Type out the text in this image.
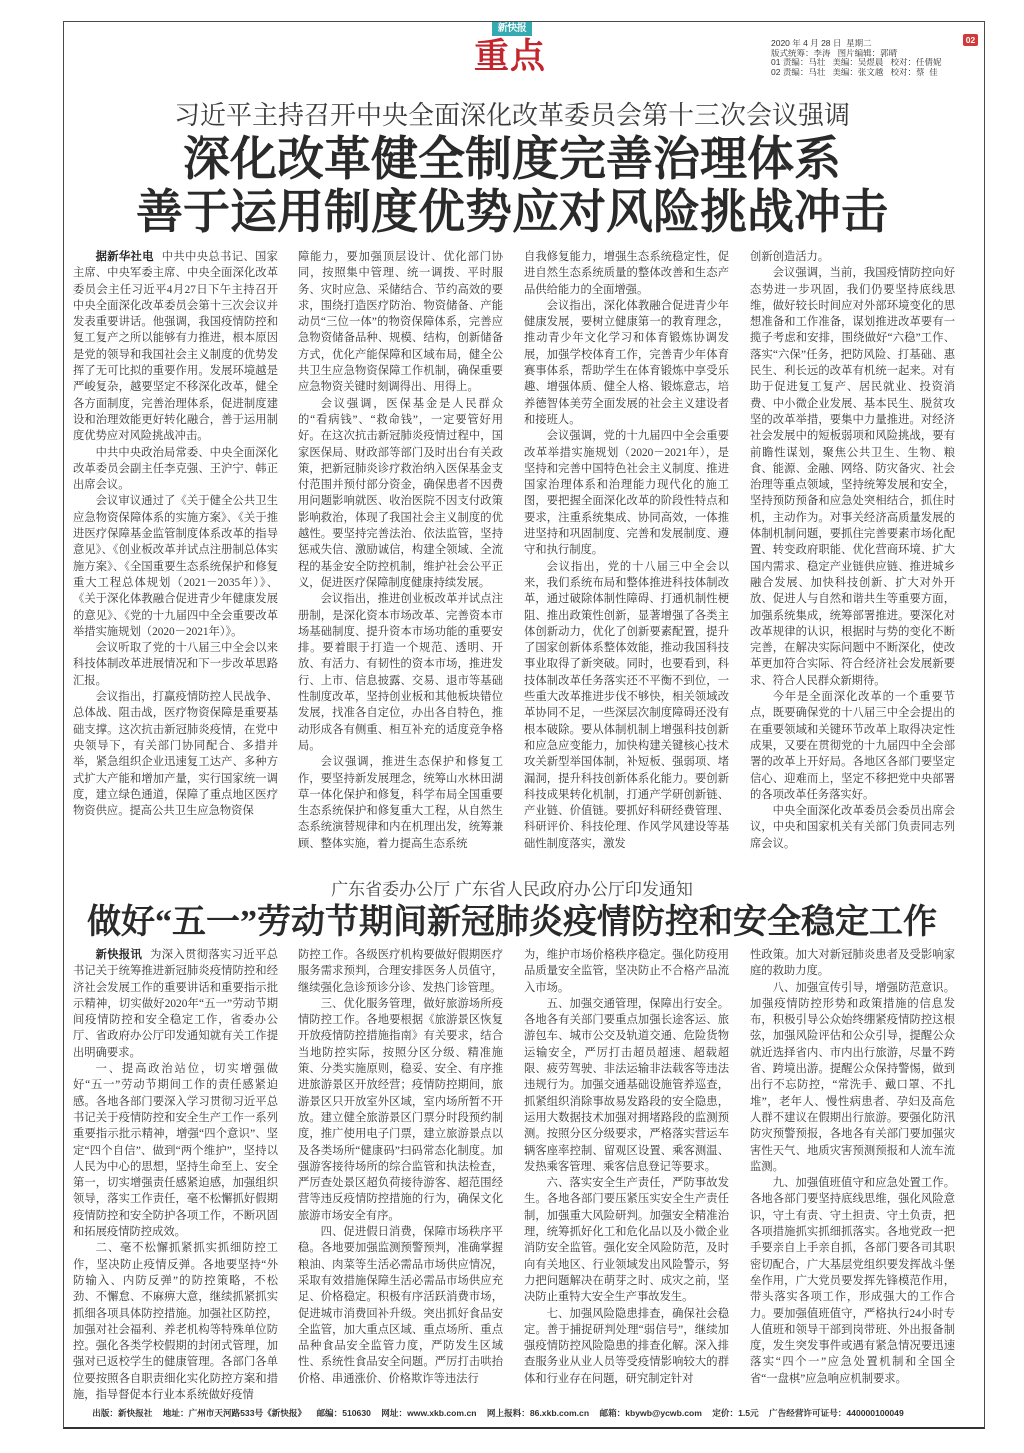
新快报
重点	2020 年 4 月 28 日  星期二
版式统筹：李涛   图片编辑：郭晴
01 责编：马壮   美编：吴煜晨   校对：任倩妮
02 责编：马壮   美编：张文越   校对：蔡  佳
02
习近平主持召开中央全面深化改革委员会第十三次会议强调
深化改革健全制度完善治理体系
善于运用制度优势应对风险挑战冲击

据新华社电 中共中央总书记、国家主席、中央军委主席、中央全面深化改革委员会主任习近平4月27日下午主持召开中央全面深化改革委员会第十三次会议并发表重要讲话。他强调，我国疫情防控和复工复产之所以能够有力推进，根本原因是党的领导和我国社会主义制度的优势发挥了无可比拟的重要作用。发展环境越是严峻复杂，越要坚定不移深化改革，健全各方面制度，完善治理体系，促进制度建设和治理效能更好转化融合，善于运用制度优势应对风险挑战冲击。

中共中央政治局常委、中央全面深化改革委员会副主任李克强、王沪宁、韩正出席会议。

会议审议通过了《关于健全公共卫生应急物资保障体系的实施方案》、《关于推进医疗保障基金监管制度体系改革的指导意见》、《创业板改革并试点注册制总体实施方案》、《全国重要生态系统保护和修复重大工程总体规划（2021－2035年）》、《关于深化体教融合促进青少年健康发展的意见》、《党的十九届四中全会重要改革举措实施规划（2020－2021年）》。

会议听取了党的十八届三中全会以来科技体制改革进展情况和下一步改革思路汇报。

会议指出，打赢疫情防控人民战争、总体战、阻击战，医疗物资保障是重要基础支撑。这次抗击新冠肺炎疫情，在党中央领导下，有关部门协同配合、多措并举，紧急组织企业迅速复工达产、多种方式扩大产能和增加产量，实行国家统一调度，建立绿色通道，保障了重点地区医疗物资供应。提高公共卫生应急物资保

障能力，要加强顶层设计、优化部门协同，按照集中管理、统一调拨、平时服务、灾时应急、采储结合、节约高效的要求，围绕打造医疗防治、物资储备、产能动员“三位一体”的物资保障体系，完善应急物资储备品种、规模、结构，创新储备方式，优化产能保障和区域布局，健全公共卫生应急物资保障工作机制，确保重要应急物资关键时刻调得出、用得上。

会议强调，医保基金是人民群众的“看病钱”、“救命钱”，一定要管好用好。在这次抗击新冠肺炎疫情过程中，国家医保局、财政部等部门及时出台有关政策，把新冠肺炎诊疗救治纳入医保基金支付范围并预付部分资金，确保患者不因费用问题影响就医、收治医院不因支付政策影响救治，体现了我国社会主义制度的优越性。要坚持完善法治、依法监管，坚持惩戒失信、激励诚信，构建全领域、全流程的基金安全防控机制，维护社会公平正义，促进医疗保障制度健康持续发展。

会议指出，推进创业板改革并试点注册制，是深化资本市场改革、完善资本市场基础制度、提升资本市场功能的重要安排。要着眼于打造一个规范、透明、开放、有活力、有韧性的资本市场，推进发行、上市、信息披露、交易、退市等基础性制度改革，坚持创业板和其他板块错位发展，找准各自定位，办出各自特色，推动形成各有侧重、相互补充的适度竞争格局。

会议强调，推进生态保护和修复工作，要坚持新发展理念，统筹山水林田湖草一体化保护和修复，科学布局全国重要生态系统保护和修复重大工程，从自然生态系统演替规律和内在机理出发，统筹兼顾、整体实施，着力提高生态系统

自我修复能力，增强生态系统稳定性，促进自然生态系统质量的整体改善和生态产品供给能力的全面增强。

会议指出，深化体教融合促进青少年健康发展，要树立健康第一的教育理念，推动青少年文化学习和体育锻炼协调发展，加强学校体育工作，完善青少年体育赛事体系，帮助学生在体育锻炼中享受乐趣、增强体质、健全人格、锻炼意志，培养德智体美劳全面发展的社会主义建设者和接班人。

会议强调，党的十九届四中全会重要改革举措实施规划（2020－2021年），是坚持和完善中国特色社会主义制度、推进国家治理体系和治理能力现代化的施工图，要把握全面深化改革的阶段性特点和要求，注重系统集成、协同高效，一体推进坚持和巩固制度、完善和发展制度、遵守和执行制度。

会议指出，党的十八届三中全会以来，我们系统布局和整体推进科技体制改革，通过破除体制性障碍、打通机制性梗阻、推出政策性创新，显著增强了各类主体创新动力，优化了创新要素配置，提升了国家创新体系整体效能，推动我国科技事业取得了新突破。同时，也要看到，科技体制改革任务落实还不平衡不到位，一些重大改革推进步伐不够快，相关领域改革协同不足，一些深层次制度障碍还没有根本破除。要从体制机制上增强科技创新和应急应变能力，加快构建关键核心技术攻关新型举国体制，补短板、强弱项、堵漏洞，提升科技创新体系化能力。要创新科技成果转化机制，打通产学研创新链、产业链、价值链。要抓好科研经费管理、科研评价、科技伦理、作风学风建设等基础性制度落实，激发

创新创造活力。

会议强调，当前，我国疫情防控向好态势进一步巩固，我们仍要坚持底线思维，做好较长时间应对外部环境变化的思想准备和工作准备，谋划推进改革要有一揽子考虑和安排，围绕做好“六稳”工作、落实“六保”任务，把防风险、打基础、惠民生、利长远的改革有机统一起来。对有助于促进复工复产、居民就业、投资消费、中小微企业发展、基本民生、脱贫攻坚的改革举措，要集中力量推进。对经济社会发展中的短板弱项和风险挑战，要有前瞻性谋划，聚焦公共卫生、生物、粮食、能源、金融、网络、防灾备灾、社会治理等重点领域，坚持统筹发展和安全，坚持预防预备和应急处突相结合，抓住时机，主动作为。对事关经济高质量发展的体制机制问题，要抓住完善要素市场化配置、转变政府职能、优化营商环境、扩大国内需求、稳定产业链供应链、推进城乡融合发展、加快科技创新、扩大对外开放、促进人与自然和谐共生等重要方面，加强系统集成，统筹部署推进。要深化对改革规律的认识，根据时与势的变化不断完善，在解决实际问题中不断深化，使改革更加符合实际、符合经济社会发展新要求、符合人民群众新期待。

今年是全面深化改革的一个重要节点，既要确保党的十八届三中全会提出的在重要领域和关键环节改革上取得决定性成果，又要在贯彻党的十九届四中全会部署的改革上开好局。各地区各部门要坚定信心、迎难而上，坚定不移把党中央部署的各项改革任务落实好。

中央全面深化改革委员会委员出席会议，中央和国家机关有关部门负责同志列席会议。

广东省委办公厅 广东省人民政府办公厅印发通知
做好“五一”劳动节期间新冠肺炎疫情防控和安全稳定工作

新快报讯 为深入贯彻落实习近平总书记关于统筹推进新冠肺炎疫情防控和经济社会发展工作的重要讲话和重要指示批示精神，切实做好2020年“五一”劳动节期间疫情防控和安全稳定工作，省委办公厅、省政府办公厅印发通知就有关工作提出明确要求。

一、提高政治站位，切实增强做好“五一”劳动节期间工作的责任感紧迫感。各地各部门要深入学习贯彻习近平总书记关于疫情防控和安全生产工作一系列重要指示批示精神，增强“四个意识”、坚定“四个自信”、做到“两个维护”，坚持以人民为中心的思想，坚持生命至上、安全第一，切实增强责任感紧迫感，加强组织领导，落实工作责任，毫不松懈抓好假期疫情防控和安全防护各项工作，不断巩固和拓展疫情防控成效。

二、毫不松懈抓紧抓实抓细防控工作，坚决防止疫情反弹。各地要坚持“外防输入、内防反弹”的防控策略，不松劲、不懈怠、不麻痹大意，继续抓紧抓实抓细各项具体防控措施。加强社区防控，加强对社会福利、养老机构等特殊单位防控。强化各类学校假期的封闭式管理，加强对已返校学生的健康管理。各部门各单位要按照各自职责细化实化防控方案和措施，指导督促本行业本系统做好疫情

防控工作。各级医疗机构要做好假期医疗服务需求预判，合理安排医务人员值守，继续强化急诊预诊分诊、发热门诊管理。

三、优化服务管理，做好旅游场所疫情防控工作。各地要根据《旅游景区恢复开放疫情防控措施指南》有关要求，结合当地防控实际，按照分区分级、精准施策、分类实施原则，稳妥、安全、有序推进旅游景区开放经营；疫情防控期间，旅游景区只开放室外区域，室内场所暂不开放。建立健全旅游景区门票分时段预约制度，推广使用电子门票，建立旅游景点以及各类场所“健康码”扫码常态化制度。加强游客接待场所的综合监管和执法检查，严厉查处景区超负荷接待游客、超范围经营等违反疫情防控措施的行为，确保文化旅游市场安全有序。

四、促进假日消费，保障市场秩序平稳。各地要加强监测预警预判，准确掌握粮油、肉菜等生活必需品市场供应情况，采取有效措施保障生活必需品市场供应充足、价格稳定。积极有序活跃消费市场，促进城市消费回补升级。突出抓好食品安全监管，加大重点区域、重点场所、重点品种食品安全监管力度，严防发生区域性、系统性食品安全问题。严厉打击哄抬价格、串通涨价、价格欺诈等违法行

为，维护市场价格秩序稳定。强化防疫用品质量安全监管，坚决防止不合格产品流入市场。

五、加强交通管理，保障出行安全。各地各有关部门要重点加强长途客运、旅游包车、城市公交及轨道交通、危险货物运输安全，严厉打击超员超速、超载超限、疲劳驾驶、非法运输非法载客等违法违规行为。加强交通基础设施管养巡查，抓紧组织消除事故易发路段的安全隐患，运用大数据技术加强对拥堵路段的监测预测。按照分区分级要求，严格落实营运车辆客座率控制、留观区设置、乘客测温、发热乘客管理、乘客信息登记等要求。

六、落实安全生产责任，严防事故发生。各地各部门要压紧压实安全生产责任制，加强重大风险研判。加强安全精准治理，统筹抓好化工和危化品以及小微企业消防安全监管。强化安全风险防范，及时向有关地区、行业领域发出风险警示，努力把问题解决在萌芽之时、成灾之前，坚决防止重特大安全生产事故发生。

七、加强风险隐患排查，确保社会稳定。善于捕捉研判处理“弱信号”，继续加强疫情防控风险隐患的排查化解。深入排查服务业从业人员等受疫情影响较大的群体和行业存在问题，研究制定针对

性政策。加大对新冠肺炎患者及受影响家庭的救助力度。

八、加强宣传引导，增强防范意识。加强疫情防控形势和政策措施的信息发布，积极引导公众始终绷紧疫情防控这根弦，加强风险评估和公众引导，提醒公众就近选择省内、市内出行旅游，尽量不跨省、跨境出游。提醒公众保持警惕，做到出行不忘防控，“常洗手、戴口罩、不扎堆”，老年人、慢性病患者、孕妇及高危人群不建议在假期出行旅游。要强化防汛防灾预警预报，各地各有关部门要加强灾害性天气、地质灾害预测预报和人流车流监测。

九、加强值班值守和应急处置工作。各地各部门要坚持底线思维，强化风险意识，守土有责、守土担责、守土负责，把各项措施抓实抓细抓落实。各地党政一把手要亲自上手亲自抓，各部门要各司其职密切配合，广大基层党组织要发挥战斗堡垒作用，广大党员要发挥先锋模范作用，带头落实各项工作，形成强大的工作合力。要加强值班值守，严格执行24小时专人值班和领导干部到岗带班、外出报备制度，发生突发事件或遇有紧急情况要迅速落实“四个一”应急处置机制和全国全省“一盘棋”应急响应机制要求。

出版：新快报社 地址：广州市天河路533号《新快报》 邮编：510630 网址：www.xkb.com.cn 网上报料：86.xkb.com.cn 邮箱：kbywb@ycwb.com 定价：1.5元 广告经营许可证号：440000100049
